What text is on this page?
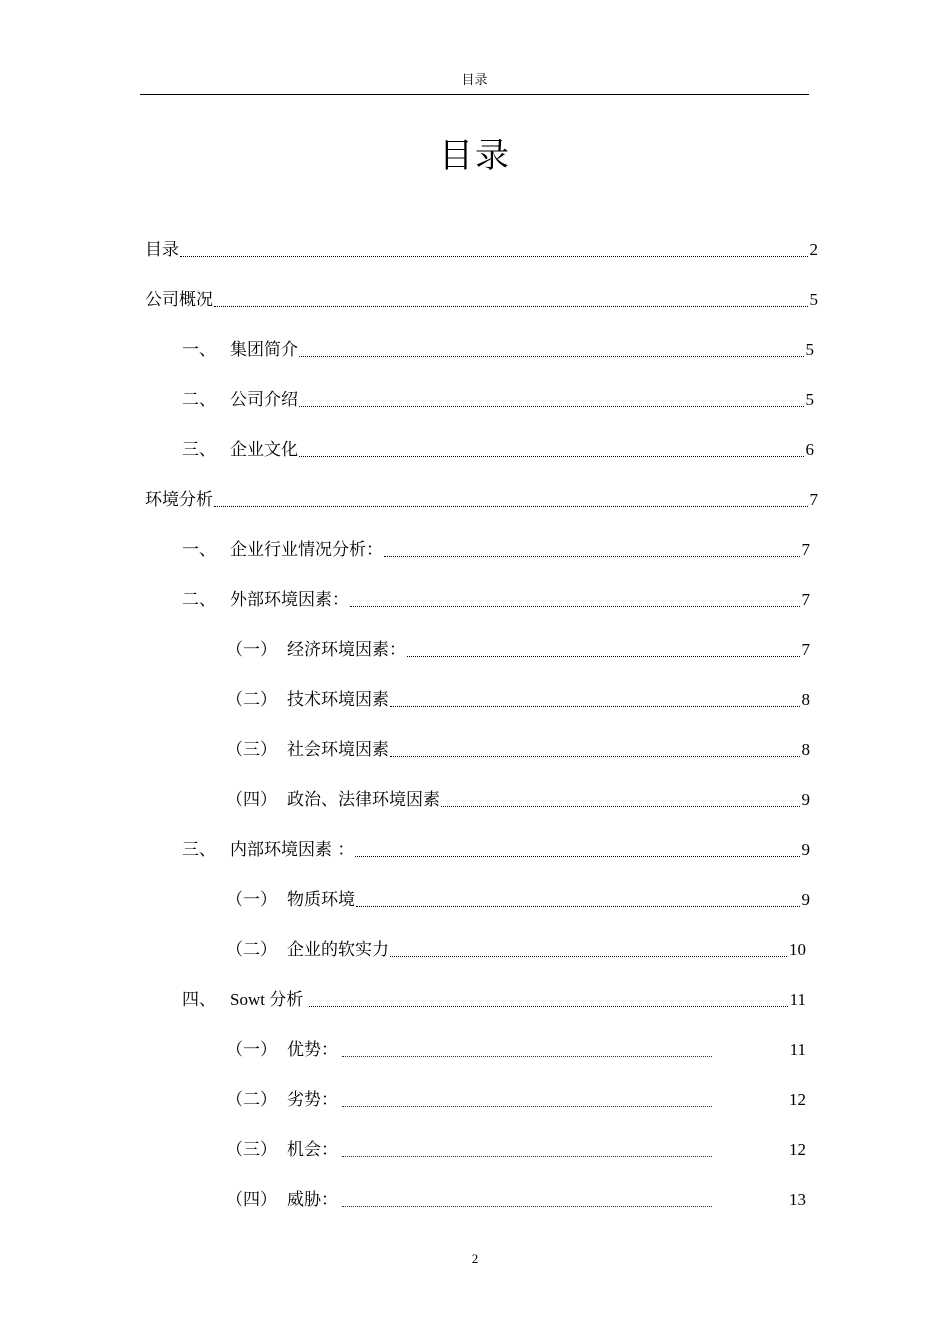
目录
目录
目录	2
公司概况	5
一、 集团简介	5
二、 公司介绍	5
三、 企业文化	6
环境分析	7
一、 企业行业情况分析：	7
二、 外部环境因素：	7
（一） 经济环境因素：	7
（二） 技术环境因素	8
（三） 社会环境因素	8
（四） 政治、法律环境因素	9
三、 内部环境因素 ：	9
（一） 物质环境	9
（二） 企业的软实力	10
四、 Sowt 分析	11
（一） 优势：	11
（二） 劣势：	12
（三） 机会：	12
（四） 威胁：	13
2
